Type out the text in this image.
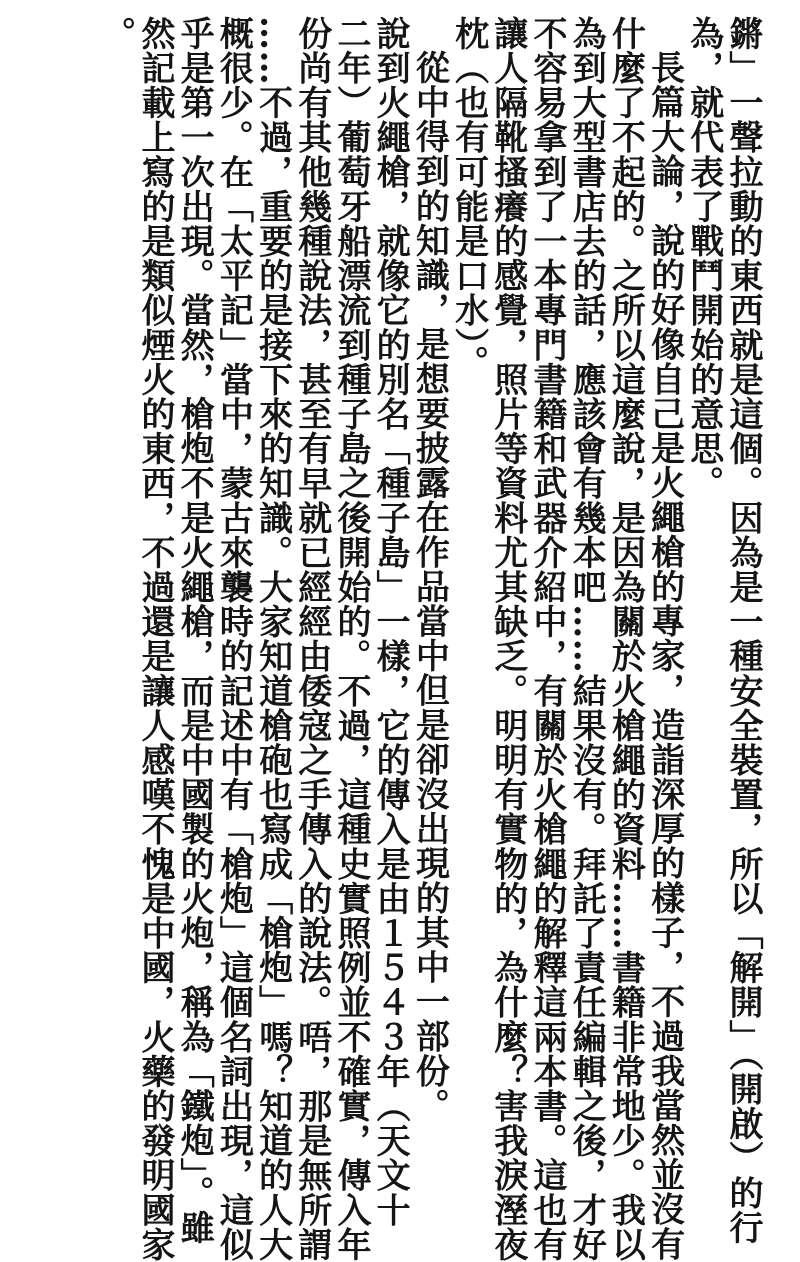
鏘」一聲拉動的東西就是這個。因為是一種安全裝置，所以「解開」（開啟）的行
為，就代表了戰鬥開始的意思。
長篇大論，說的好像自己是火繩槍的專家，造詣深厚的樣子，不過我當然並沒有
什麼了不起的。之所以這麼說，是因為關於火槍繩的資料……書籍非常地少。我以
為到大型書店去的話，應該會有幾本吧……結果沒有。拜託了責任編輯之後，才好
不容易拿到了一本專門書籍和武器介紹中，有關於火槍繩的解釋這兩本書。這也有
讓人隔靴搔癢的感覺，照片等資料尤其缺乏。明明有實物的，為什麼？害我淚溼夜
枕（也有可能是口水）。
從中得到的知識，是想要披露在作品當中但是卻沒出現的其中一部份。
說到火繩槍，就像它的別名「種子島」一樣，它的傳入是由１５４３年（天文十
二年）葡萄牙船漂流到種子島之後開始的。不過，這種史實照例並不確實，傳入年
份尚有其他幾種說法，甚至有早就已經經由倭寇之手傳入的說法。唔，那是無所謂
……不過，重要的是接下來的知識。大家知道槍砲也寫成「槍炮」嗎？知道的人大
概很少。在「太平記」當中，蒙古來襲時的記述中有「槍炮」這個名詞出現，這似
乎是第一次出現。當然，槍炮不是火繩槍，而是中國製的火炮，稱為「鐵炮」。雖
然記載上寫的是類似煙火的東西，不過還是讓人感嘆不愧是中國，火藥的發明國家
。
